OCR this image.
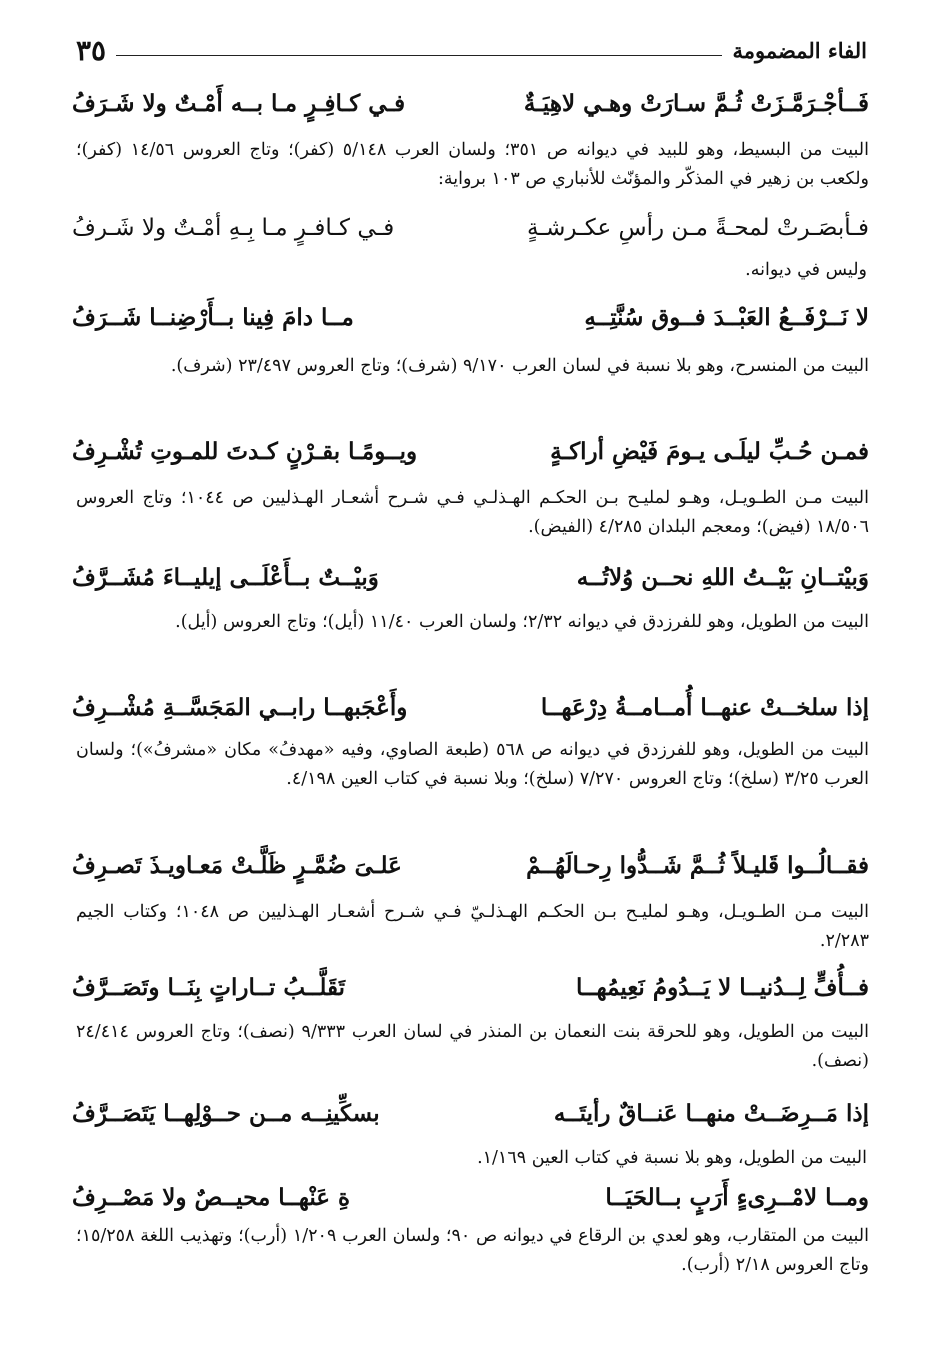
الفاء المضمومة
٣٥
فَــأجْـرَمَّـزَتْ ثُـمَّ سـارَتْ وهـي لاهِيَـةٌ
فـي كـافِـرٍ مـا بــه أَمْـتٌ ولا شَـرَفُ
البيت من البسيط، وهو للبيد في ديوانه ص ٣٥١؛ ولسان العرب ٥/١٤٨ (كفر)؛ وتاج العروس ١٤/٥٦ (كفر)؛ ولكعب بن زهير في المذكّر والمؤنّث للأنباري ص ١٠٣ برواية:
فـأبصَـرتْ لمحـةً مـن رأسِ عكـرشـةٍ
فـي كـافـرٍ مـا بِـهِ أمْـتٌ ولا شَـرفُ
وليس في ديوانه.
لا نَــرْفَــعُ العَبْــدَ فــوق سُنَّتِــهِ
مــا دامَ فِينا بــأَرْضِنــا شَــرَفُ
البيت من المنسرح، وهو بلا نسبة في لسان العرب ٩/١٧٠ (شرف)؛ وتاج العروس ٢٣/٤٩٧ (شرف).
فمـن حُـبِّ ليلَـى يـومَ فَيْضِ أراكـةٍ
ويــومًـا بقـرْنٍ كـدتَ للمـوتِ تُشْـرِفُ
البيت مـن الطـويـل، وهـو لمليـح بـن الحكـم الهـذلـي فـي شـرح أشعـار الهـذليين ص ١٠٤٤؛ وتاج العروس ١٨/٥٠٦ (فيض)؛ ومعجم البلدان ٤/٢٨٥ (الفيض).
وَبيْتــانِ بَيْــتُ اللهِ نحــن وُلاتُــه
وَبيْــتٌ بــأَعْلَــى إيليــاءَ مُشَــرَّفُ
البيت من الطويل، وهو للفرزدق في ديوانه ٢/٣٢؛ ولسان العرب ١١/٤٠ (أيل)؛ وتاج العروس (أيل).
إذا سلخــتْ عنهــا أُمــامــةُ دِرْعَهــا
وأَعْجَبهــا رابــي المَجَسَّــةِ مُشْــرِفُ
البيت من الطويل، وهو للفرزدق في ديوانه ص ٥٦٨ (طبعة الصاوي، وفيه «مهدفُ» مكان «مشرفُ»)؛ ولسان العرب ٣/٢٥ (سلخ)؛ وتاج العروس ٧/٢٧٠ (سلخ)؛ وبلا نسبة في كتاب العين ٤/١٩٨.
فقــالُــوا قَليـلاً ثُــمَّ شَــدُّوا رِحـالَهُــمْ
عَلـىَ ضُمَّـرٍ ظَلَّـتْ مَعـاويـذَ تَصـرِفُ
البيت مـن الطـويـل، وهـو لمليـح بـن الحكـم الهـذلـيّ فـي شـرح أشعـار الهـذليين ص ١٠٤٨؛ وكتاب الجيم ٢/٢٨٣.
فــأُفٍّ لِــدُنيــا لا يَــدُومُ نَعِيمُهــا
تَقَلَّــبُ تــاراتٍ بِنَــا وتَصَــرَّفُ
البيت من الطويل، وهو للحرقة بنت النعمان بن المنذر في لسان العرب ٩/٣٣٣ (نصف)؛ وتاج العروس ٢٤/٤١٤ (نصف).
إذا مَــرِضَــتْ منهــا عَنــاقٌ رأيتَــه
بسكِّينِــه مــن حــوْلِهــا يَتَصَــرَّفُ
البيت من الطويل، وهو بلا نسبة في كتاب العين ١/١٦٩.
ومــا لامْــرِىءٍ أَرَبٍ بــالحَيَــا
ةِ عَنْهــا محيــصٌ ولا مَصْــرِفُ
البيت من المتقارب، وهو لعدي بن الرقاع في ديوانه ص ٩٠؛ ولسان العرب ١/٢٠٩ (أرب)؛ وتهذيب اللغة ١٥/٢٥٨؛ وتاج العروس ٢/١٨ (أرب).
